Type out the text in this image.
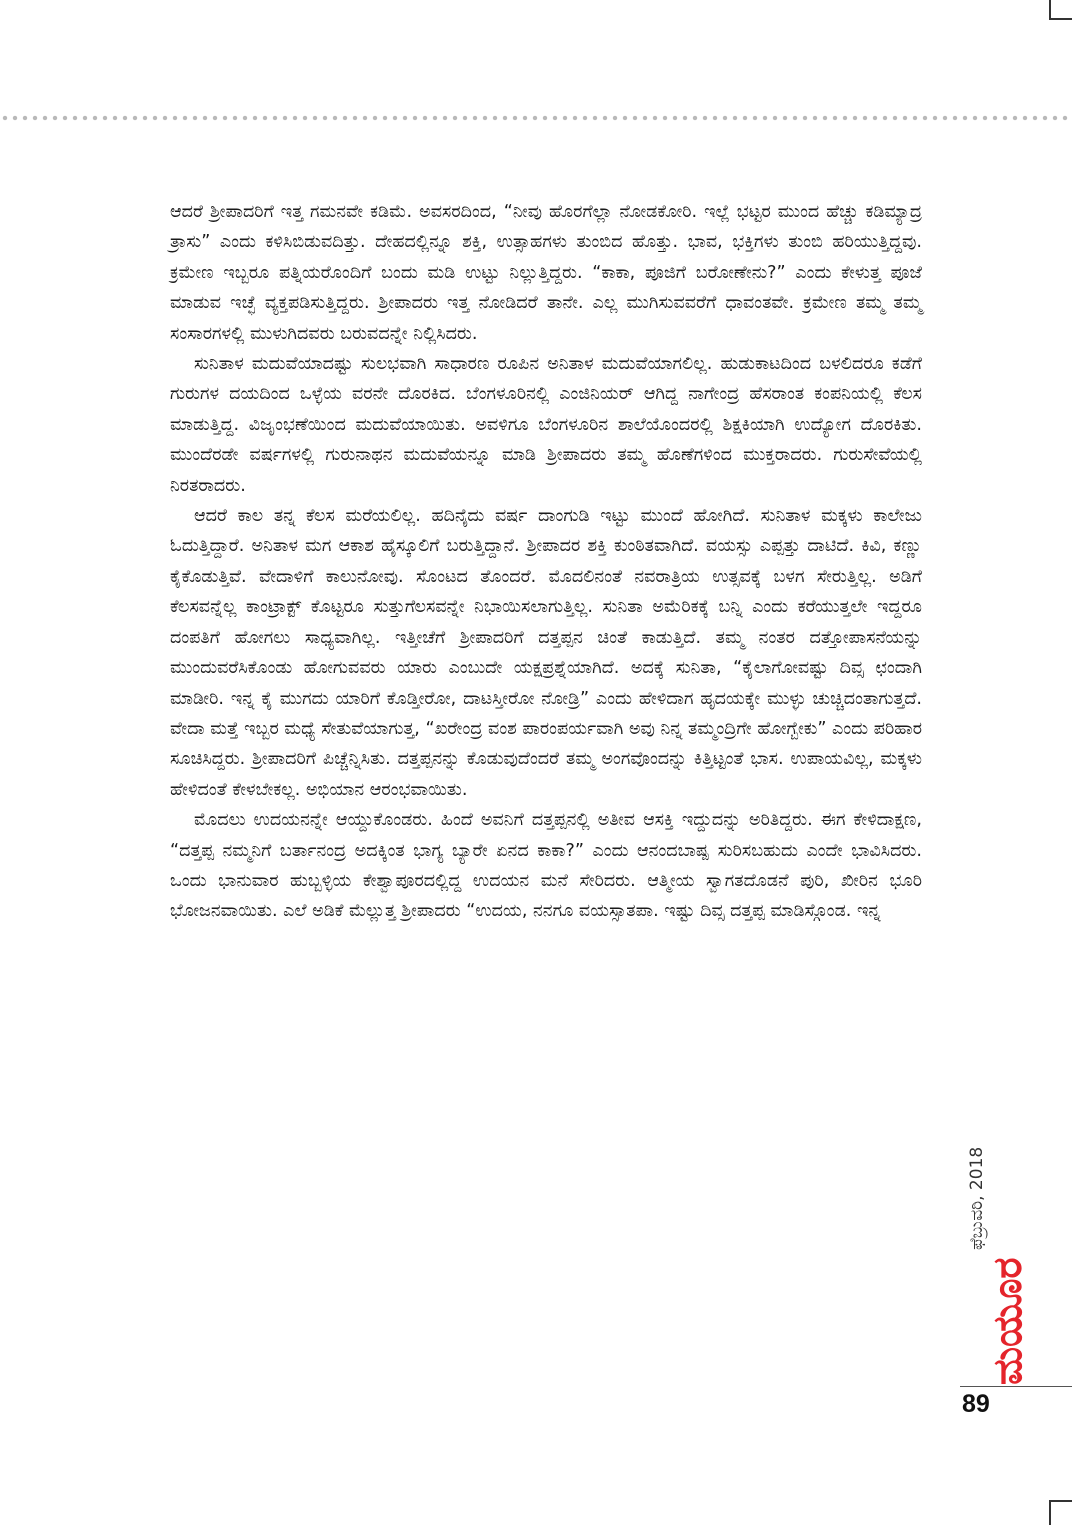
ಆದರೆ ಶ್ರೀಪಾದರಿಗೆ ಇತ್ತ ಗಮನವೇ ಕಡಿಮೆ. ಅವಸರದಿಂದ, “ನೀವು ಹೊರಗೆಲ್ಲಾ ನೋಡಕೋರಿ. ಇಲ್ಲೆ ಭಟ್ಟರ ಮುಂದ ಹೆಚ್ಚು ಕಡಿಮ್ಯಾದ್ರ ತ್ರಾಸು” ಎಂದು ಕಳಿಸಿಬಿಡುವದಿತ್ತು. ದೇಹದಲ್ಲಿನ್ನೂ ಶಕ್ತಿ, ಉತ್ಸಾಹಗಳು ತುಂಬಿದ ಹೊತ್ತು. ಭಾವ, ಭಕ್ತಿಗಳು ತುಂಬಿ ಹರಿಯುತ್ತಿದ್ದವು. ಕ್ರಮೇಣ ಇಬ್ಬರೂ ಪತ್ನಿಯರೊಂದಿಗೆ ಬಂದು ಮಡಿ ಉಟ್ಟು ನಿಲ್ಲುತ್ತಿದ್ದರು. “ಕಾಕಾ, ಪೂಜಿಗೆ ಬರೋಣೇನು?” ಎಂದು ಕೇಳುತ್ತ ಪೂಜೆ ಮಾಡುವ ಇಚ್ಛೆ ವ್ಯಕ್ತಪಡಿಸುತ್ತಿದ್ದರು. ಶ್ರೀಪಾದರು ಇತ್ತ ನೋಡಿದರೆ ತಾನೇ. ಎಲ್ಲ ಮುಗಿಸುವವರೆಗೆ ಧಾವಂತವೇ. ಕ್ರಮೇಣ ತಮ್ಮ ತಮ್ಮ ಸಂಸಾರಗಳಲ್ಲಿ ಮುಳುಗಿದವರು ಬರುವದನ್ನೇ ನಿಲ್ಲಿಸಿದರು.

ಸುನಿತಾಳ ಮದುವೆಯಾದಷ್ಟು ಸುಲಭವಾಗಿ ಸಾಧಾರಣ ರೂಪಿನ ಅನಿತಾಳ ಮದುವೆಯಾಗಲಿಲ್ಲ. ಹುಡುಕಾಟದಿಂದ ಬಳಲಿದರೂ ಕಡೆಗೆ ಗುರುಗಳ ದಯದಿಂದ ಒಳ್ಳೆಯ ವರನೇ ದೊರಕಿದ. ಬೆಂಗಳೂರಿನಲ್ಲಿ ಎಂಜಿನಿಯರ್ ಆಗಿದ್ದ ನಾಗೇಂದ್ರ ಹೆಸರಾಂತ ಕಂಪನಿಯಲ್ಲಿ ಕೆಲಸ ಮಾಡುತ್ತಿದ್ದ. ವಿಜೃಂಭಣೆಯಿಂದ ಮದುವೆಯಾಯಿತು. ಅವಳಿಗೂ ಬೆಂಗಳೂರಿನ ಶಾಲೆಯೊಂದರಲ್ಲಿ ಶಿಕ್ಷಕಿಯಾಗಿ ಉದ್ಯೋಗ ದೊರಕಿತು. ಮುಂದೆರಡೇ ವರ್ಷಗಳಲ್ಲಿ ಗುರುನಾಥನ ಮದುವೆಯನ್ನೂ ಮಾಡಿ ಶ್ರೀಪಾದರು ತಮ್ಮ ಹೊಣೆಗಳಿಂದ ಮುಕ್ತರಾದರು. ಗುರುಸೇವೆಯಲ್ಲಿ ನಿರತರಾದರು.

ಆದರೆ ಕಾಲ ತನ್ನ ಕೆಲಸ ಮರೆಯಲಿಲ್ಲ. ಹದಿನೈದು ವರ್ಷ ದಾಂಗುಡಿ ಇಟ್ಟು ಮುಂದೆ ಹೋಗಿದೆ. ಸುನಿತಾಳ ಮಕ್ಕಳು ಕಾಲೇಜು ಓದುತ್ತಿದ್ದಾರೆ. ಅನಿತಾಳ ಮಗ ಆಕಾಶ ಹೈಸ್ಕೂಲಿಗೆ ಬರುತ್ತಿದ್ದಾನೆ. ಶ್ರೀಪಾದರ ಶಕ್ತಿ ಕುಂಠಿತವಾಗಿದೆ. ವಯಸ್ಸು ಎಪ್ಪತ್ತು ದಾಟಿದೆ. ಕಿವಿ, ಕಣ್ಣು ಕೈಕೊಡುತ್ತಿವೆ. ವೇದಾಳಿಗೆ ಕಾಲುನೋವು. ಸೊಂಟದ ತೊಂದರೆ. ಮೊದಲಿನಂತೆ ನವರಾತ್ರಿಯ ಉತ್ಸವಕ್ಕೆ ಬಳಗ ಸೇರುತ್ತಿಲ್ಲ. ಅಡಿಗೆ ಕೆಲಸವನ್ನೆಲ್ಲ ಕಾಂಟ್ರಾಕ್ಟ್ ಕೊಟ್ಟರೂ ಸುತ್ತುಗೆಲಸವನ್ನೇ ನಿಭಾಯಿಸಲಾಗುತ್ತಿಲ್ಲ. ಸುನಿತಾ ಅಮೆರಿಕಕ್ಕೆ ಬನ್ನಿ ಎಂದು ಕರೆಯುತ್ತಲೇ ಇದ್ದರೂ ದಂಪತಿಗೆ ಹೋಗಲು ಸಾಧ್ಯವಾಗಿಲ್ಲ. ಇತ್ತೀಚೆಗೆ ಶ್ರೀಪಾದರಿಗೆ ದತ್ತಪ್ಪನ ಚಿಂತೆ ಕಾಡುತ್ತಿದೆ. ತಮ್ಮ ನಂತರ ದತ್ತೋಪಾಸನೆಯನ್ನು ಮುಂದುವರೆಸಿಕೊಂಡು ಹೋಗುವವರು ಯಾರು ಎಂಬುದೇ ಯಕ್ಷಪ್ರಶ್ನೆಯಾಗಿದೆ. ಅದಕ್ಕೆ ಸುನಿತಾ, “ಕೈಲಾಗೋವಷ್ಟು ದಿವ್ಸ ಛಂದಾಗಿ ಮಾಡೀರಿ. ಇನ್ನ ಕೈ ಮುಗದು ಯಾರಿಗೆ ಕೊಡ್ತೀರೋ, ದಾಟಸ್ತೀರೋ ನೋಡ್ರಿ” ಎಂದು ಹೇಳಿದಾಗ ಹೃದಯಕ್ಕೇ ಮುಳ್ಳು ಚುಚ್ಚಿದಂತಾಗುತ್ತದೆ. ವೇದಾ ಮತ್ತೆ ಇಬ್ಬರ ಮಧ್ಯೆ ಸೇತುವೆಯಾಗುತ್ತ, “ಖರೇಂದ್ರ ವಂಶ ಪಾರಂಪರ್ಯವಾಗಿ ಅವು ನಿನ್ನ ತಮ್ಮಂದ್ರಿಗೇ ಹೋಗ್ಬೇಕು” ಎಂದು ಪರಿಹಾರ ಸೂಚಿಸಿದ್ದರು. ಶ್ರೀಪಾದರಿಗೆ ಪಿಚ್ಚೆನ್ನಿಸಿತು. ದತ್ತಪ್ಪನನ್ನು ಕೊಡುವುದೆಂದರೆ ತಮ್ಮ ಅಂಗವೊಂದನ್ನು ಕಿತ್ತಿಟ್ಟಂತೆ ಭಾಸ. ಉಪಾಯವಿಲ್ಲ, ಮಕ್ಕಳು ಹೇಳಿದಂತೆ ಕೇಳಬೇಕಲ್ಲ. ಅಭಿಯಾನ ಆರಂಭವಾಯಿತು.

ಮೊದಲು ಉದಯನನ್ನೇ ಆಯ್ದುಕೊಂಡರು. ಹಿಂದೆ ಅವನಿಗೆ ದತ್ತಪ್ಪನಲ್ಲಿ ಅತೀವ ಆಸಕ್ತಿ ಇದ್ದುದನ್ನು ಅರಿತಿದ್ದರು. ಈಗ ಕೇಳಿದಾಕ್ಷಣ, “ದತ್ತಪ್ಪ ನಮ್ಮನಿಗೆ ಬರ್ತಾನಂದ್ರ ಅದಕ್ಕಿಂತ ಭಾಗ್ಯ ಬ್ಯಾರೇ ಏನದ ಕಾಕಾ?” ಎಂದು ಆನಂದಬಾಷ್ಪ ಸುರಿಸಬಹುದು ಎಂದೇ ಭಾವಿಸಿದರು. ಒಂದು ಭಾನುವಾರ ಹುಬ್ಬಳ್ಳಿಯ ಕೇಶ್ವಾಪೂರದಲ್ಲಿದ್ದ ಉದಯನ ಮನೆ ಸೇರಿದರು. ಆತ್ಮೀಯ ಸ್ವಾಗತದೊಡನೆ ಪುರಿ, ಖೀರಿನ ಭೂರಿ ಭೋಜನವಾಯಿತು. ಎಲೆ ಅಡಿಕೆ ಮೆಲ್ಲುತ್ತ ಶ್ರೀಪಾದರು “ಉದಯ, ನನಗೂ ವಯಸ್ಸಾತಪಾ. ಇಷ್ಟು ದಿವ್ಸ ದತ್ತಪ್ಪ ಮಾಡಿಸ್ಗೊಂಡ. ಇನ್ನ

ಫೆಬ್ರುವರಿ, 2018
ಮಯೂರ
89
